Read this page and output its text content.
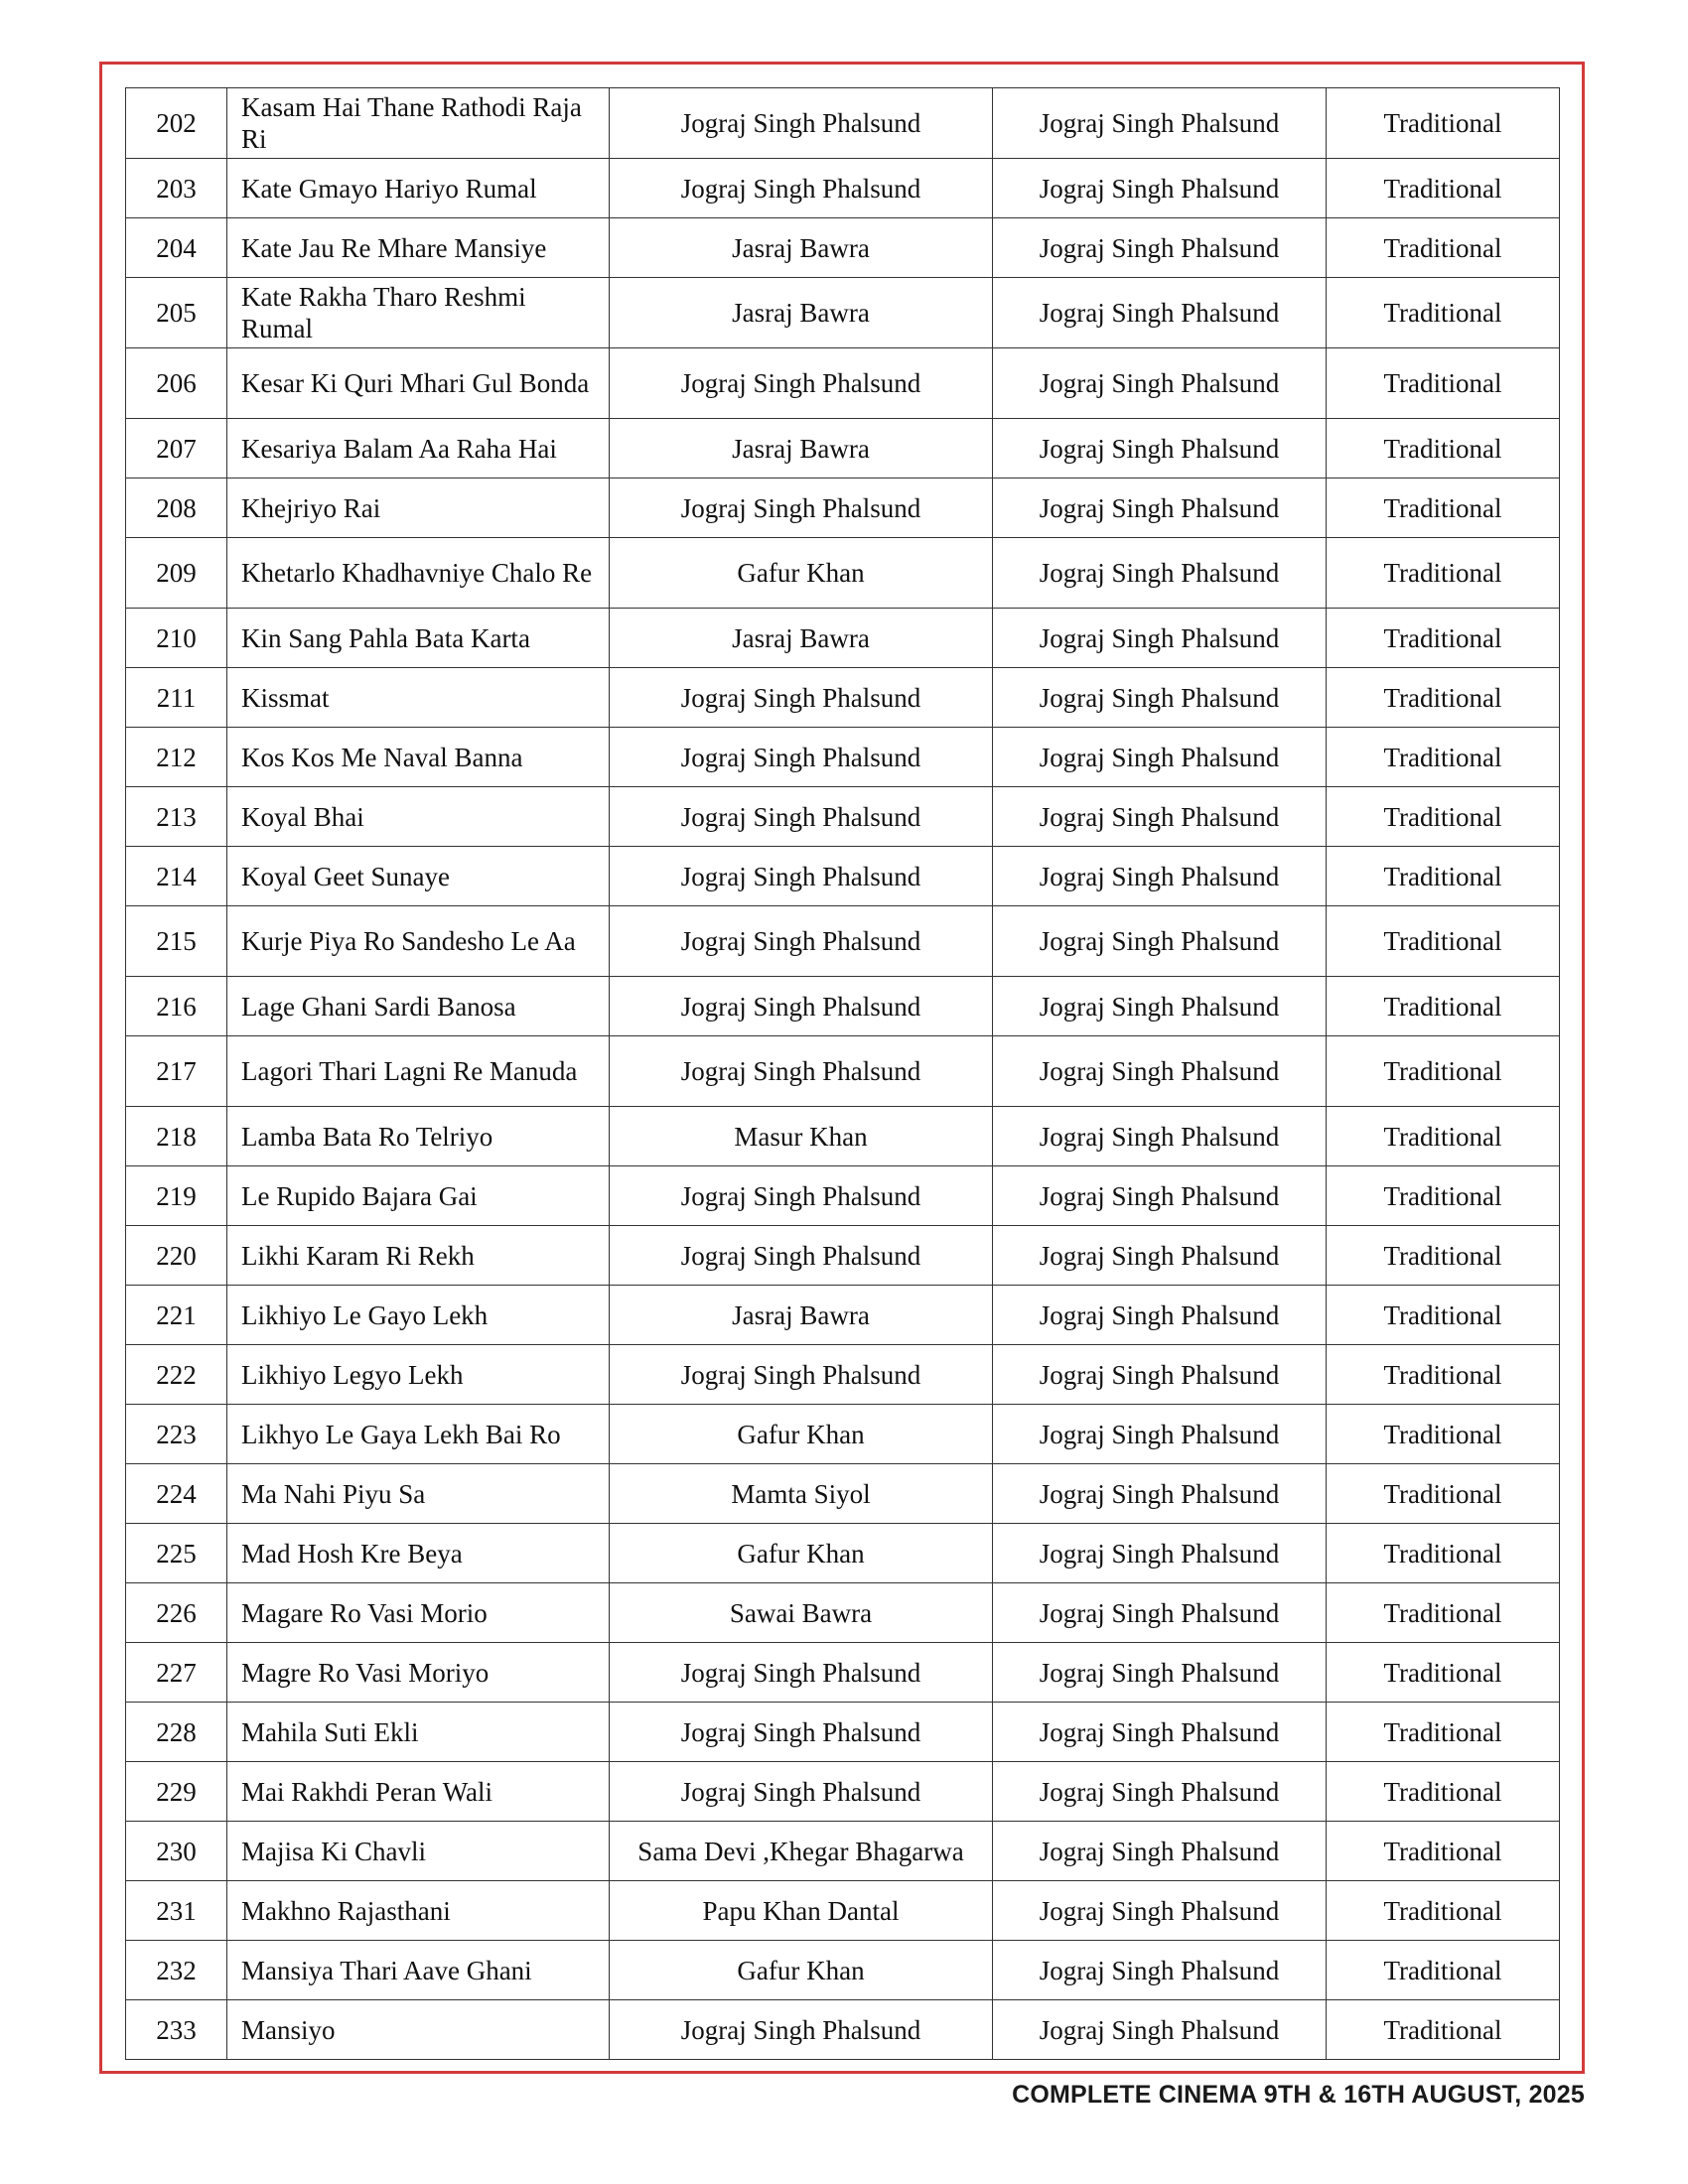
202	Kasam Hai Thane Rathodi Raja Ri	Jograj Singh Phalsund	Jograj Singh Phalsund	Traditional
203	Kate Gmayo Hariyo Rumal	Jograj Singh Phalsund	Jograj Singh Phalsund	Traditional
204	Kate Jau Re Mhare Mansiye	Jasraj Bawra	Jograj Singh Phalsund	Traditional
205	Kate Rakha Tharo Reshmi Rumal	Jasraj Bawra	Jograj Singh Phalsund	Traditional
206	Kesar Ki Quri Mhari Gul Bonda	Jograj Singh Phalsund	Jograj Singh Phalsund	Traditional
207	Kesariya Balam Aa Raha Hai	Jasraj Bawra	Jograj Singh Phalsund	Traditional
208	Khejriyo Rai	Jograj Singh Phalsund	Jograj Singh Phalsund	Traditional
209	Khetarlo Khadhavniye Chalo Re	Gafur Khan	Jograj Singh Phalsund	Traditional
210	Kin Sang Pahla Bata Karta	Jasraj Bawra	Jograj Singh Phalsund	Traditional
211	Kissmat	Jograj Singh Phalsund	Jograj Singh Phalsund	Traditional
212	Kos Kos Me Naval Banna	Jograj Singh Phalsund	Jograj Singh Phalsund	Traditional
213	Koyal Bhai	Jograj Singh Phalsund	Jograj Singh Phalsund	Traditional
214	Koyal Geet Sunaye	Jograj Singh Phalsund	Jograj Singh Phalsund	Traditional
215	Kurje Piya Ro Sandesho Le Aa	Jograj Singh Phalsund	Jograj Singh Phalsund	Traditional
216	Lage Ghani Sardi Banosa	Jograj Singh Phalsund	Jograj Singh Phalsund	Traditional
217	Lagori Thari Lagni Re Manuda	Jograj Singh Phalsund	Jograj Singh Phalsund	Traditional
218	Lamba Bata Ro Telriyo	Masur Khan	Jograj Singh Phalsund	Traditional
219	Le Rupido Bajara Gai	Jograj Singh Phalsund	Jograj Singh Phalsund	Traditional
220	Likhi Karam Ri Rekh	Jograj Singh Phalsund	Jograj Singh Phalsund	Traditional
221	Likhiyo Le Gayo Lekh	Jasraj Bawra	Jograj Singh Phalsund	Traditional
222	Likhiyo Legyo Lekh	Jograj Singh Phalsund	Jograj Singh Phalsund	Traditional
223	Likhyo Le Gaya Lekh Bai Ro	Gafur Khan	Jograj Singh Phalsund	Traditional
224	Ma Nahi Piyu Sa	Mamta Siyol	Jograj Singh Phalsund	Traditional
225	Mad Hosh Kre Beya	Gafur Khan	Jograj Singh Phalsund	Traditional
226	Magare Ro Vasi Morio	Sawai Bawra	Jograj Singh Phalsund	Traditional
227	Magre Ro Vasi Moriyo	Jograj Singh Phalsund	Jograj Singh Phalsund	Traditional
228	Mahila Suti Ekli	Jograj Singh Phalsund	Jograj Singh Phalsund	Traditional
229	Mai Rakhdi Peran Wali	Jograj Singh Phalsund	Jograj Singh Phalsund	Traditional
230	Majisa Ki Chavli	Sama Devi ,Khegar Bhagarwa	Jograj Singh Phalsund	Traditional
231	Makhno Rajasthani	Papu Khan Dantal	Jograj Singh Phalsund	Traditional
232	Mansiya Thari Aave Ghani	Gafur Khan	Jograj Singh Phalsund	Traditional
233	Mansiyo	Jograj Singh Phalsund	Jograj Singh Phalsund	Traditional
COMPLETE CINEMA 9TH & 16TH AUGUST, 2025
